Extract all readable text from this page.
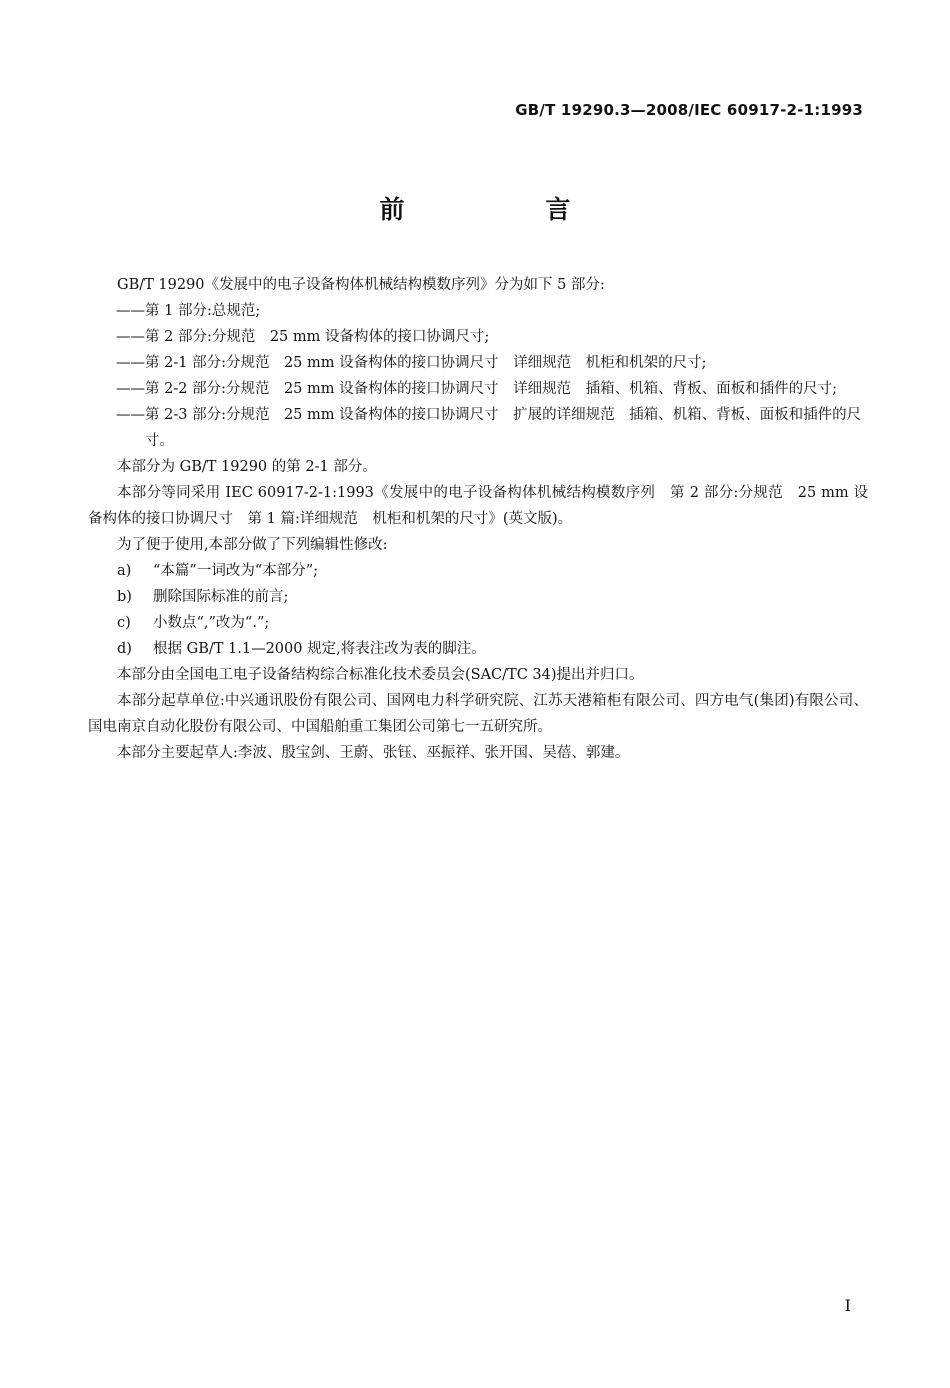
GB/T 19290.3—2008/IEC 60917-2-1:1993
前　言

GB/T 19290《发展中的电子设备构体机械结构模数序列》分为如下 5 部分:

——第 1 部分:总规范;

——第 2 部分:分规范　25 mm 设备构体的接口协调尺寸;

——第 2-1 部分:分规范　25 mm 设备构体的接口协调尺寸　详细规范　机柜和机架的尺寸;

——第 2-2 部分:分规范　25 mm 设备构体的接口协调尺寸　详细规范　插箱、机箱、背板、面板和插件的尺寸;

——第 2-3 部分:分规范　25 mm 设备构体的接口协调尺寸　扩展的详细规范　插箱、机箱、背板、面板和插件的尺寸。

本部分为 GB/T 19290 的第 2-1 部分。

本部分等同采用 IEC 60917-2-1:1993《发展中的电子设备构体机械结构模数序列　第 2 部分:分规范　25 mm 设备构体的接口协调尺寸　第 1 篇:详细规范　机柜和机架的尺寸》(英文版)。

为了便于使用,本部分做了下列编辑性修改:

a) “本篇”一词改为“本部分”;

b) 删除国际标准的前言;

c) 小数点“,”改为“.”;

d) 根据 GB/T 1.1—2000 规定,将表注改为表的脚注。

本部分由全国电工电子设备结构综合标准化技术委员会(SAC/TC 34)提出并归口。

本部分起草单位:中兴通讯股份有限公司、国网电力科学研究院、江苏天港箱柜有限公司、四方电气(集团)有限公司、国电南京自动化股份有限公司、中国船舶重工集团公司第七一五研究所。

本部分主要起草人:李波、殷宝剑、王蔚、张钰、巫振祥、张开国、吴蓓、郭建。

I
